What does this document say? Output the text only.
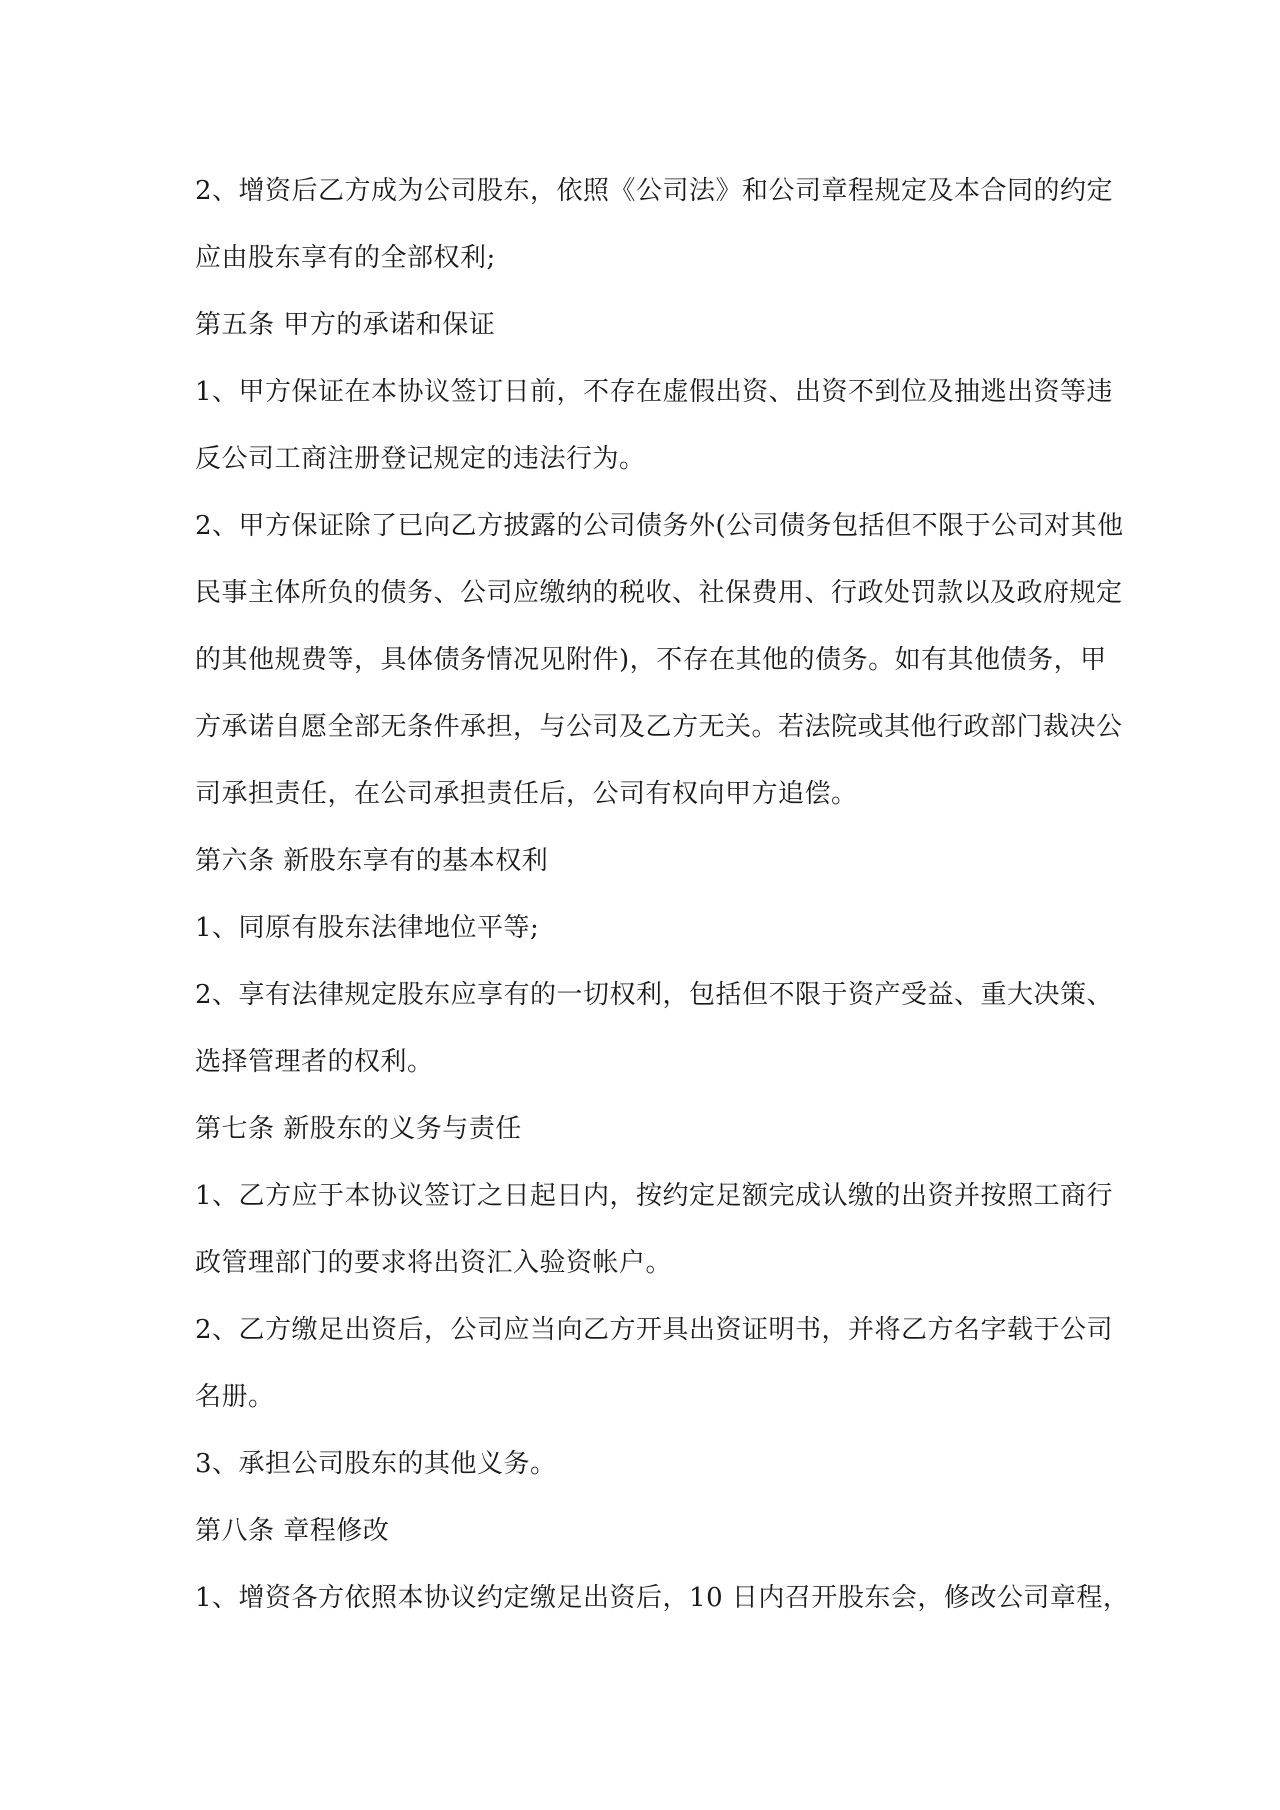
2、增资后乙方成为公司股东，依照《公司法》和公司章程规定及本合同的约定
应由股东享有的全部权利;
第五条 甲方的承诺和保证
1、甲方保证在本协议签订日前，不存在虚假出资、出资不到位及抽逃出资等违
反公司工商注册登记规定的违法行为。
2、甲方保证除了已向乙方披露的公司债务外(公司债务包括但不限于公司对其他
民事主体所负的债务、公司应缴纳的税收、社保费用、行政处罚款以及政府规定
的其他规费等，具体债务情况见附件)，不存在其他的债务。如有其他债务，甲
方承诺自愿全部无条件承担，与公司及乙方无关。若法院或其他行政部门裁决公
司承担责任，在公司承担责任后，公司有权向甲方追偿。
第六条 新股东享有的基本权利
1、同原有股东法律地位平等;
2、享有法律规定股东应享有的一切权利，包括但不限于资产受益、重大决策、
选择管理者的权利。
第七条 新股东的义务与责任
1、乙方应于本协议签订之日起日内，按约定足额完成认缴的出资并按照工商行
政管理部门的要求将出资汇入验资帐户。
2、乙方缴足出资后，公司应当向乙方开具出资证明书，并将乙方名字载于公司
名册。
3、承担公司股东的其他义务。
第八条 章程修改
1、增资各方依照本协议约定缴足出资后，10 日内召开股东会，修改公司章程，
